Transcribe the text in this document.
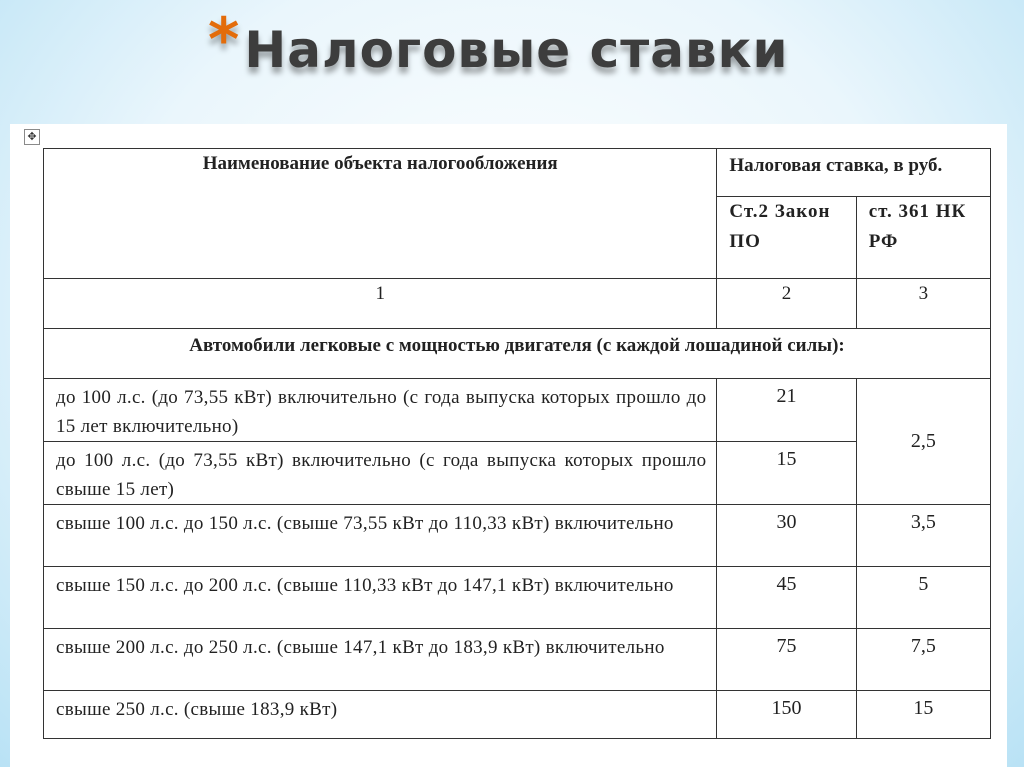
* Налоговые ставки
✥
Наименование объекта налогообложения	Налоговая ставка, в руб.	
	Ст.2 Закон ПО	ст. 361 НК РФ
1	2	3
Автомобили легковые с мощностью двигателя (с каждой лошадиной силы):		
до 100 л.с. (до 73,55 кВт) включительно (с года выпуска которых прошло до 15 лет включительно)	21	2,5
до 100 л.с. (до 73,55 кВт) включительно (с года выпуска которых прошло свыше 15 лет)	15	
свыше 100 л.с. до 150 л.с. (свыше 73,55 кВт до 110,33 кВт) включительно	30	3,5
свыше 150 л.с. до 200 л.с. (свыше 110,33 кВт до 147,1 кВт) включительно	45	5
свыше 200 л.с. до 250 л.с. (свыше 147,1 кВт до 183,9 кВт) включительно	75	7,5
свыше 250 л.с. (свыше 183,9 кВт)	150	15
